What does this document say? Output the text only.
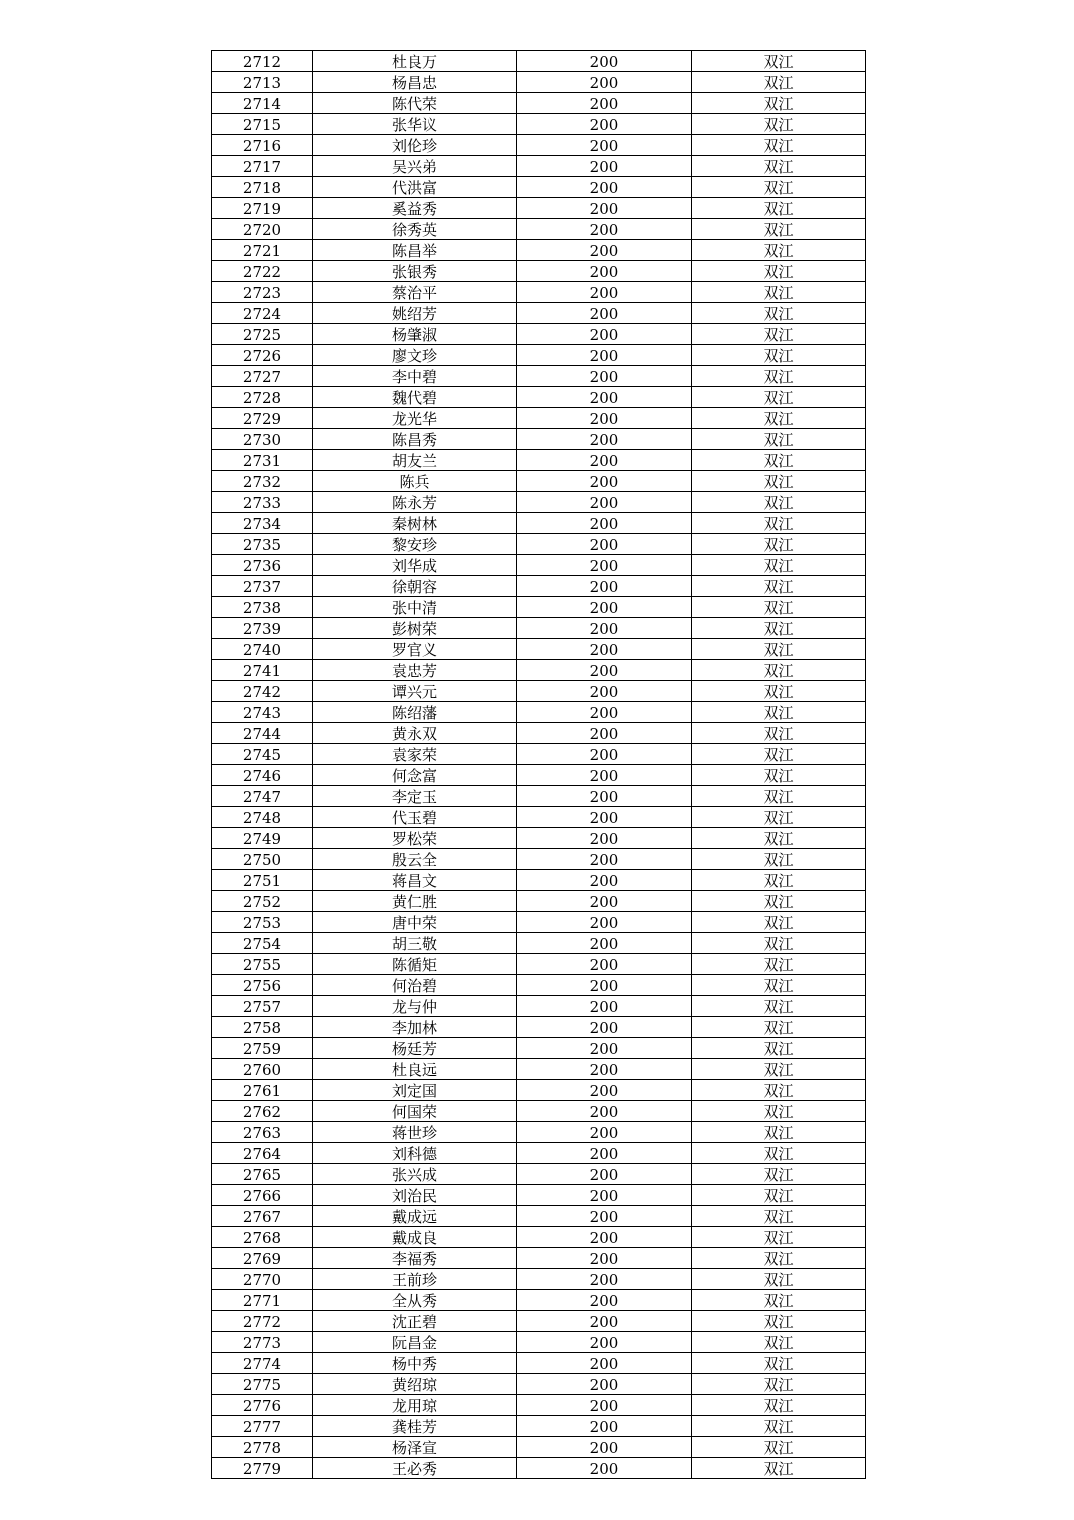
2712	杜良万	200	双江
2713	杨昌忠	200	双江
2714	陈代荣	200	双江
2715	张华议	200	双江
2716	刘伦珍	200	双江
2717	吴兴弟	200	双江
2718	代洪富	200	双江
2719	奚益秀	200	双江
2720	徐秀英	200	双江
2721	陈昌举	200	双江
2722	张银秀	200	双江
2723	蔡治平	200	双江
2724	姚绍芳	200	双江
2725	杨肇淑	200	双江
2726	廖文珍	200	双江
2727	李中碧	200	双江
2728	魏代碧	200	双江
2729	龙光华	200	双江
2730	陈昌秀	200	双江
2731	胡友兰	200	双江
2732	陈兵	200	双江
2733	陈永芳	200	双江
2734	秦树林	200	双江
2735	黎安珍	200	双江
2736	刘华成	200	双江
2737	徐朝容	200	双江
2738	张中清	200	双江
2739	彭树荣	200	双江
2740	罗官义	200	双江
2741	袁忠芳	200	双江
2742	谭兴元	200	双江
2743	陈绍藩	200	双江
2744	黄永双	200	双江
2745	袁家荣	200	双江
2746	何念富	200	双江
2747	李定玉	200	双江
2748	代玉碧	200	双江
2749	罗松荣	200	双江
2750	殷云全	200	双江
2751	蒋昌文	200	双江
2752	黄仁胜	200	双江
2753	唐中荣	200	双江
2754	胡三敬	200	双江
2755	陈循矩	200	双江
2756	何治碧	200	双江
2757	龙与仲	200	双江
2758	李加林	200	双江
2759	杨廷芳	200	双江
2760	杜良远	200	双江
2761	刘定国	200	双江
2762	何国荣	200	双江
2763	蒋世珍	200	双江
2764	刘科德	200	双江
2765	张兴成	200	双江
2766	刘治民	200	双江
2767	戴成远	200	双江
2768	戴成良	200	双江
2769	李福秀	200	双江
2770	王前珍	200	双江
2771	全从秀	200	双江
2772	沈正碧	200	双江
2773	阮昌金	200	双江
2774	杨中秀	200	双江
2775	黄绍琼	200	双江
2776	龙用琼	200	双江
2777	龚桂芳	200	双江
2778	杨泽宣	200	双江
2779	王必秀	200	双江
